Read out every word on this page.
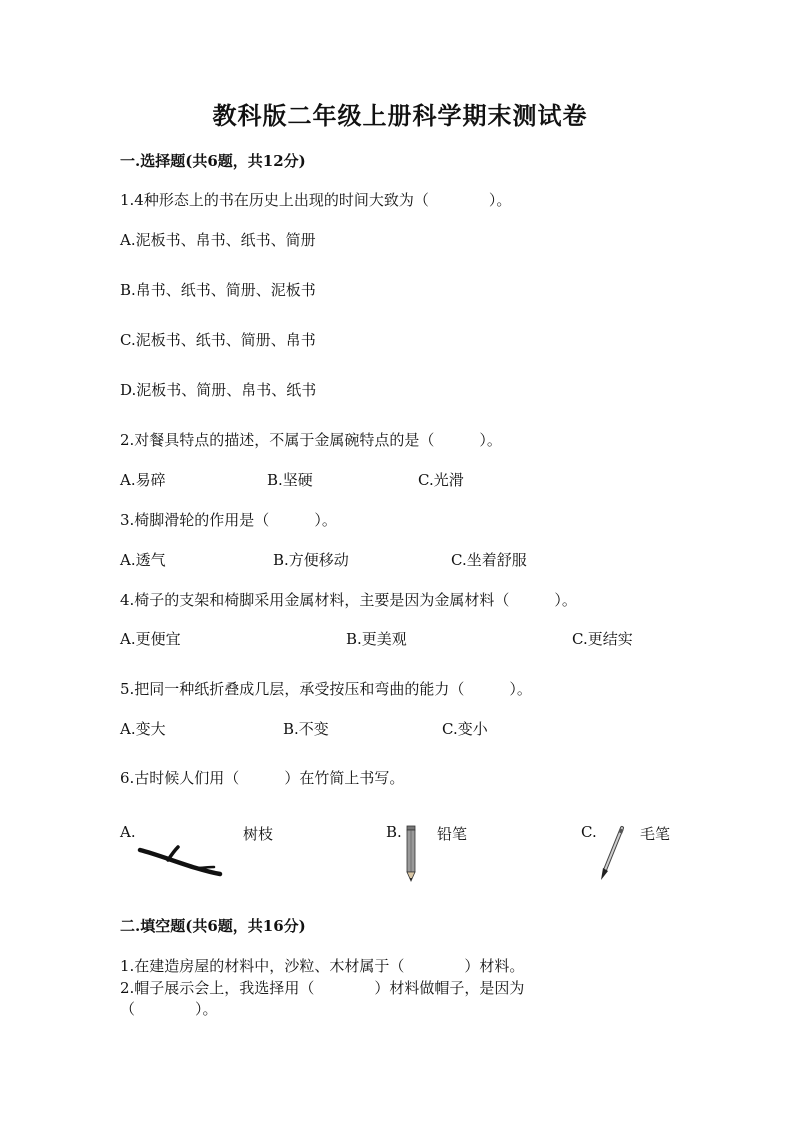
教科版二年级上册科学期末测试卷
一.选择题(共6题，共12分)
1.4种形态上的书在历史上出现的时间大致为（　　　　）。
A.泥板书、帛书、纸书、简册
B.帛书、纸书、简册、泥板书
C.泥板书、纸书、简册、帛书
D.泥板书、简册、帛书、纸书
2.对餐具特点的描述，不属于金属碗特点的是（　　　）。
A.易碎	B.坚硬	C.光滑
3.椅脚滑轮的作用是（　　　）。
A.透气	B.方便移动	C.坐着舒服
4.椅子的支架和椅脚采用金属材料，主要是因为金属材料（　　　）。
A.更便宜	B.更美观	C.更结实
5.把同一种纸折叠成几层，承受按压和弯曲的能力（　　　）。
A.变大	B.不变	C.变小
6.古时候人们用（　　　）在竹简上书写。
A.	树枝	B. 铅笔	C.	毛笔
二.填空题(共6题，共16分)
1.在建造房屋的材料中，沙粒、木材属于（　　　　）材料。
2.帽子展示会上，我选择用（　　　　）材料做帽子，是因为
（　　　　）。
